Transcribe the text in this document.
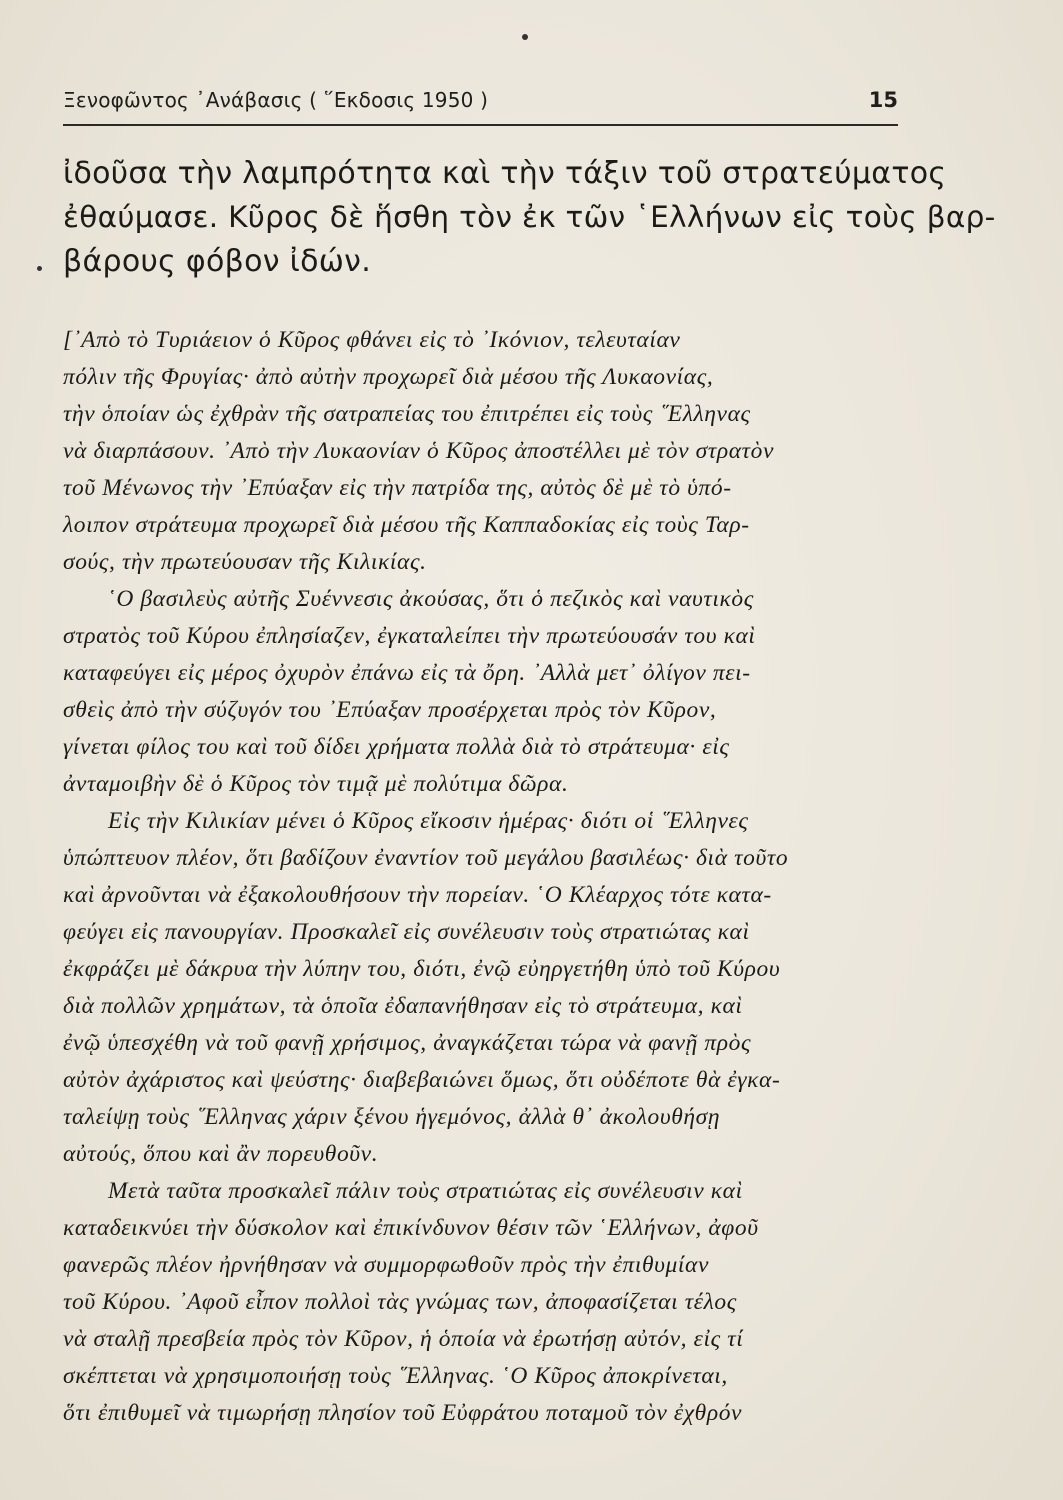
Ξενοφῶντος ᾿Ανάβασις ( ῞Εκδοσις 1950 )	15
ἰδοῦσα τὴν λαμπρότητα καὶ τὴν τάξιν τοῦ στρατεύματος
ἐθαύμασε. Κῦρος δὲ ἥσθη τὸν ἐκ τῶν ῾Ελλήνων εἰς τοὺς βαρ-
βάρους φόβον ἰδών.
[᾿Απὸ τὸ Τυριάειον ὁ Κῦρος φθάνει εἰς τὸ ᾿Ικόνιον, τελευταίαν
πόλιν τῆς Φρυγίας· ἀπὸ αὐτὴν προχωρεῖ διὰ μέσου τῆς Λυκαονίας,
τὴν ὁποίαν ὡς ἐχθρὰν τῆς σατραπείας του ἐπιτρέπει εἰς τοὺς ῞Ελληνας
νὰ διαρπάσουν. ᾿Απὸ τὴν Λυκαονίαν ὁ Κῦρος ἀποστέλλει μὲ τὸν στρατὸν
τοῦ Μένωνος τὴν ᾿Επύαξαν εἰς τὴν πατρίδα της, αὐτὸς δὲ μὲ τὸ ὑπό-
λοιπον στράτευμα προχωρεῖ διὰ μέσου τῆς Καππαδοκίας εἰς τοὺς Ταρ-
σούς, τὴν πρωτεύουσαν τῆς Κιλικίας.
῾Ο βασιλεὺς αὐτῆς Συέννεσις ἀκούσας, ὅτι ὁ πεζικὸς καὶ ναυτικὸς
στρατὸς τοῦ Κύρου ἐπλησίαζεν, ἐγκαταλείπει τὴν πρωτεύουσάν του καὶ
καταφεύγει εἰς μέρος ὀχυρὸν ἐπάνω εἰς τὰ ὄρη. ᾿Αλλὰ μετ᾿ ὀλίγον πει-
σθεὶς ἀπὸ τὴν σύζυγόν του ᾿Επύαξαν προσέρχεται πρὸς τὸν Κῦρον,
γίνεται φίλος του καὶ τοῦ δίδει χρήματα πολλὰ διὰ τὸ στράτευμα· εἰς
ἀνταμοιβὴν δὲ ὁ Κῦρος τὸν τιμᾷ μὲ πολύτιμα δῶρα.
Εἰς τὴν Κιλικίαν μένει ὁ Κῦρος εἴκοσιν ἡμέρας· διότι οἱ ῞Ελληνες
ὑπώπτευον πλέον, ὅτι βαδίζουν ἐναντίον τοῦ μεγάλου βασιλέως· διὰ τοῦτο
καὶ ἀρνοῦνται νὰ ἐξακολουθήσουν τὴν πορείαν. ῾Ο Κλέαρχος τότε κατα-
φεύγει εἰς πανουργίαν. Προσκαλεῖ εἰς συνέλευσιν τοὺς στρατιώτας καὶ
ἐκφράζει μὲ δάκρυα τὴν λύπην του, διότι, ἐνῷ εὐηργετήθη ὑπὸ τοῦ Κύρου
διὰ πολλῶν χρημάτων, τὰ ὁποῖα ἐδαπανήθησαν εἰς τὸ στράτευμα, καὶ
ἐνῷ ὑπεσχέθη νὰ τοῦ φανῇ χρήσιμος, ἀναγκάζεται τώρα νὰ φανῇ πρὸς
αὐτὸν ἀχάριστος καὶ ψεύστης· διαβεβαιώνει ὅμως, ὅτι οὐδέποτε θὰ ἐγκα-
ταλείψῃ τοὺς ῞Ελληνας χάριν ξένου ἡγεμόνος, ἀλλὰ θ᾿ ἀκολουθήσῃ
αὐτούς, ὅπου καὶ ἂν πορευθοῦν.
Μετὰ ταῦτα προσκαλεῖ πάλιν τοὺς στρατιώτας εἰς συνέλευσιν καὶ
καταδεικνύει τὴν δύσκολον καὶ ἐπικίνδυνον θέσιν τῶν ῾Ελλήνων, ἀφοῦ
φανερῶς πλέον ἠρνήθησαν νὰ συμμορφωθοῦν πρὸς τὴν ἐπιθυμίαν
τοῦ Κύρου. ᾿Αφοῦ εἶπον πολλοὶ τὰς γνώμας των, ἀποφασίζεται τέλος
νὰ σταλῇ πρεσβεία πρὸς τὸν Κῦρον, ἡ ὁποία νὰ ἐρωτήσῃ αὐτόν, εἰς τί
σκέπτεται νὰ χρησιμοποιήσῃ τοὺς ῞Ελληνας. ῾Ο Κῦρος ἀποκρίνεται,
ὅτι ἐπιθυμεῖ νὰ τιμωρήσῃ πλησίον τοῦ Εὐφράτου ποταμοῦ τὸν ἐχθρόν
